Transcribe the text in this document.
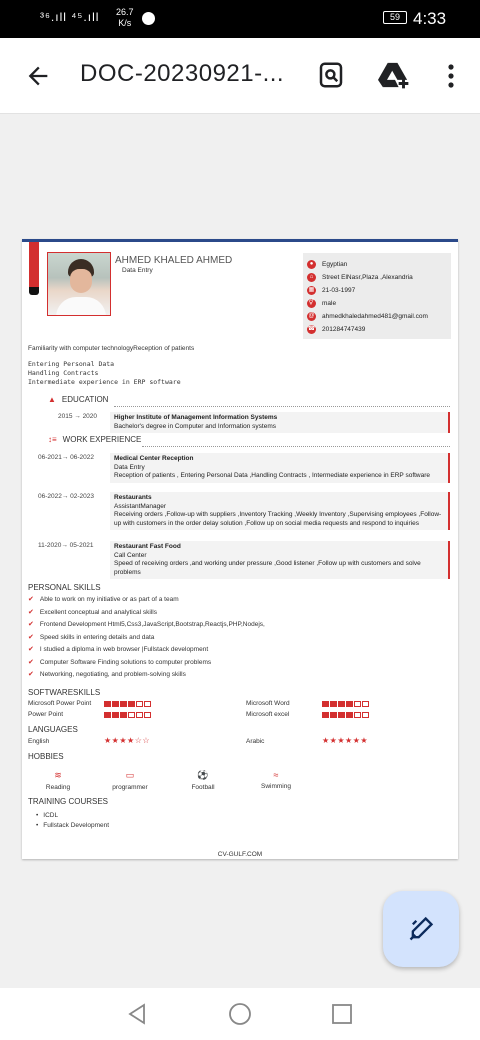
³⁶.ıll ⁴⁵.ıll 26.7
K/s
59 4:33
DOC-20230921-...
AHMED KHALED AHMED
Data Entry
●	Egyptian
⌂	Street ElNasr,Plaza ,Alexandria
▦ 21-03-1997
⚥ male
@ ahmedkhaledahmed481@gmail.com
☎ 201284747439
Familiarity with computer technologyReception of patients
Entering Personal Data
Handling Contracts
Intermediate experience in ERP software
▲ EDUCATION
2015 → 2020	Higher Institute of Management Information Systems
Bachelor's degree in Computer and Information systems
↕≡ WORK EXPERIENCE
06-2021→ 06-2022	Medical Center Reception
Data Entry
Reception of patients , Entering Personal Data ,Handling Contracts , Intermediate experience in ERP software
06-2022→ 02-2023	Restaurants
AssistantManager
Receiving orders ,Follow-up with suppliers ,Inventory Tracking ,Weekly Inventory ,Supervising employees ,Follow-up with customers in the order delay solution ,Follow up on social media requests and respond to inquiries
11-2020→ 05-2021	Restaurant Fast Food
Call Center
Speed of receiving orders ,and working under pressure ,Good listener ,Follow up with customers and solve problems
PERSONAL SKILLS
✔ Able to work on my initiative or as part of a team
✔ Excellent conceptual and analytical skills
✔ Frontend Development Html5,Css3,JavaScript,Bootstrap,Reactjs,PHP,Nodejs,
✔ Speed skills in entering details and data
✔ I studied a diploma in web browser |Fullstack development
✔ Computer Software Finding solutions to computer problems
✔ Networking, negotiating, and problem-solving skills
SOFTWARESKILLS
Microsoft Power Point	Microsoft Word
Power Point	Microsoft excel
LANGUAGES
English	★★★★☆☆	Arabic	★★★★★★
HOBBIES
≋
Reading
▭
programmer
⚽
Football
≈
Swimming
TRAINING COURSES
• ICDL
• Fullstack Development
CV-GULF.COM
